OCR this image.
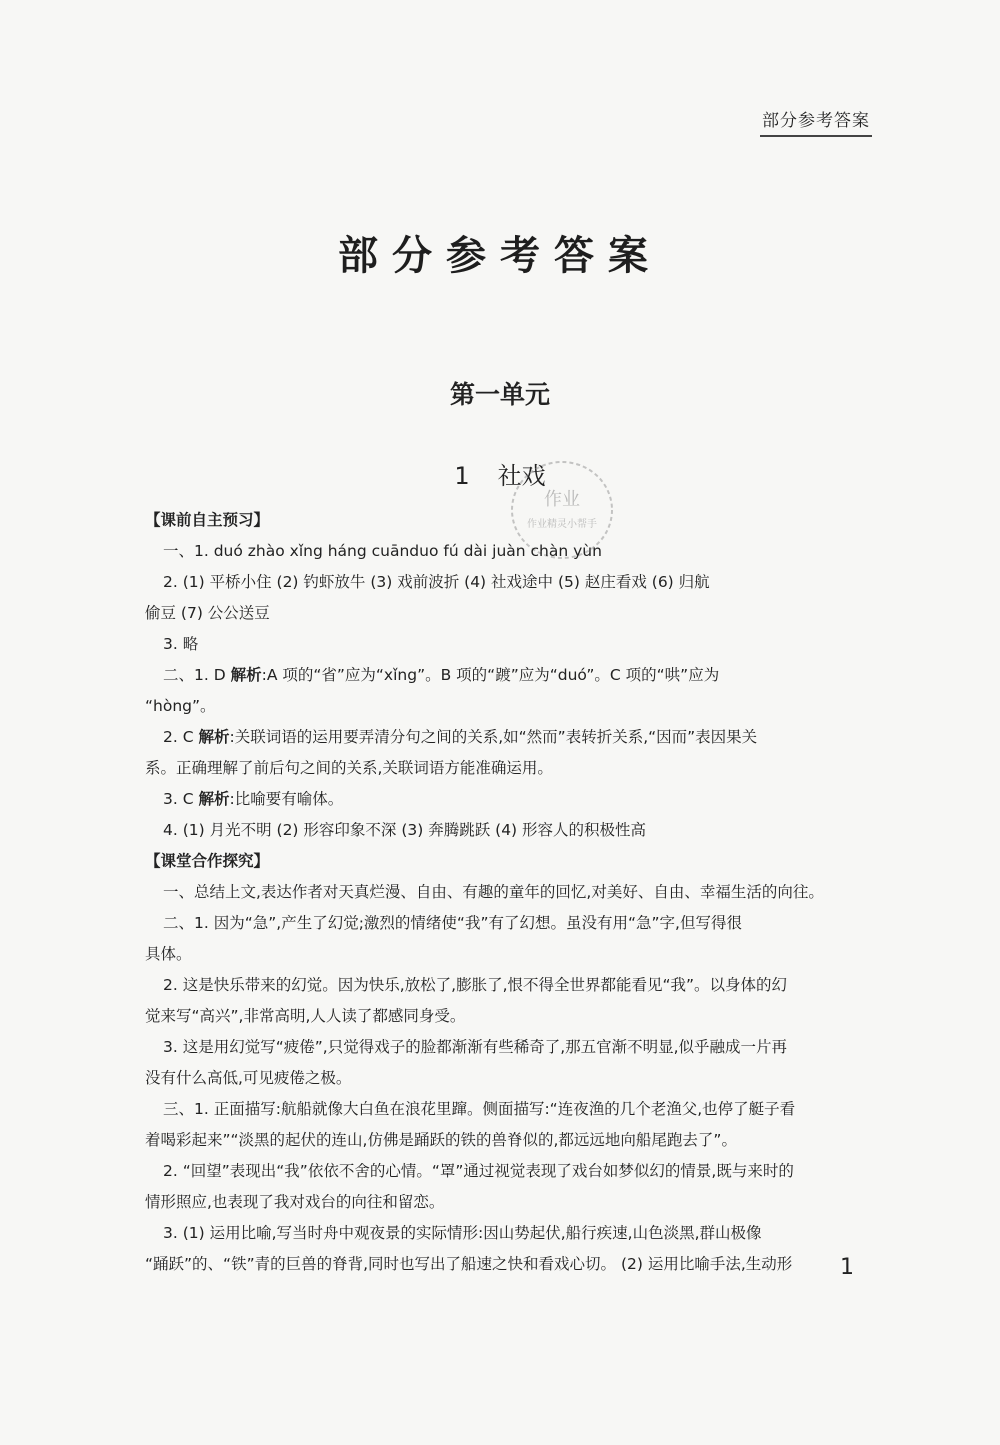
部分参考答案
部分参考答案
第一单元
1 社戏
作业
作业精灵小帮手

【课前自主预习】

一、1. duó zhào xǐng háng cuānduo fú dài juàn chàn yùn

2. (1) 平桥小住 (2) 钓虾放牛 (3) 戏前波折 (4) 社戏途中 (5) 赵庄看戏 (6) 归航

偷豆 (7) 公公送豆

3. 略

二、1. D 解析:A 项的“省”应为“xǐng”。B 项的“踱”应为“duó”。C 项的“哄”应为

“hòng”。

2. C 解析:关联词语的运用要弄清分句之间的关系,如“然而”表转折关系,“因而”表因果关

系。正确理解了前后句之间的关系,关联词语方能准确运用。

3. C 解析:比喻要有喻体。

4. (1) 月光不明 (2) 形容印象不深 (3) 奔腾跳跃 (4) 形容人的积极性高

【课堂合作探究】

一、总结上文,表达作者对天真烂漫、自由、有趣的童年的回忆,对美好、自由、幸福生活的向往。

二、1. 因为“急”,产生了幻觉;激烈的情绪使“我”有了幻想。虽没有用“急”字,但写得很

具体。

2. 这是快乐带来的幻觉。因为快乐,放松了,膨胀了,恨不得全世界都能看见“我”。以身体的幻

觉来写“高兴”,非常高明,人人读了都感同身受。

3. 这是用幻觉写“疲倦”,只觉得戏子的脸都渐渐有些稀奇了,那五官渐不明显,似乎融成一片再

没有什么高低,可见疲倦之极。

三、1. 正面描写:航船就像大白鱼在浪花里蹿。侧面描写:“连夜渔的几个老渔父,也停了艇子看

着喝彩起来”“淡黑的起伏的连山,仿佛是踊跃的铁的兽脊似的,都远远地向船尾跑去了”。

2. “回望”表现出“我”依依不舍的心情。“罩”通过视觉表现了戏台如梦似幻的情景,既与来时的

情形照应,也表现了我对戏台的向往和留恋。

3. (1) 运用比喻,写当时舟中观夜景的实际情形:因山势起伏,船行疾速,山色淡黑,群山极像

“踊跃”的、“铁”青的巨兽的脊背,同时也写出了船速之快和看戏心切。 (2) 运用比喻手法,生动形	1
